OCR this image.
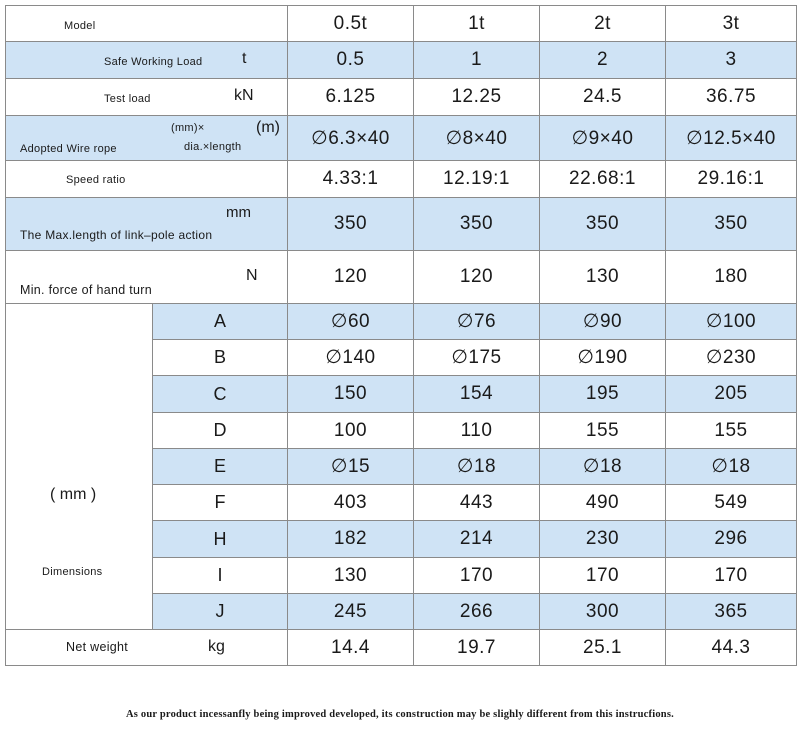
Model		0.5t	1t	2t	3t

Safe Working Load t		0.5	1	2	3

Test load kN		6.125	12.25	24.5	36.75

(mm)× (m)
Adopted Wire rope dia.×length		∅6.3×40	∅8×40	∅9×40	∅12.5×40

Speed ratio		4.33:1	12.19:1	22.68:1	29.16:1

mm
The Max.length of link–pole action		350	350	350	350

N
Min. force of hand turn		120	120	130	180

( mm )
Dimensions	A	∅60	∅76	∅90	∅100
	B	∅140	∅175	∅190	∅230
	C	150	154	195	205
	D	100	110	155	155
	E	∅15	∅18	∅18	∅18
	F	403	443	490	549
	H	182	214	230	296
	I	130	170	170	170
	J	245	266	300	365

Net weight kg		14.4	19.7	25.1	44.3
As our product incessanfly being improved developed, its construction may be slighly different from this instrucfions.
